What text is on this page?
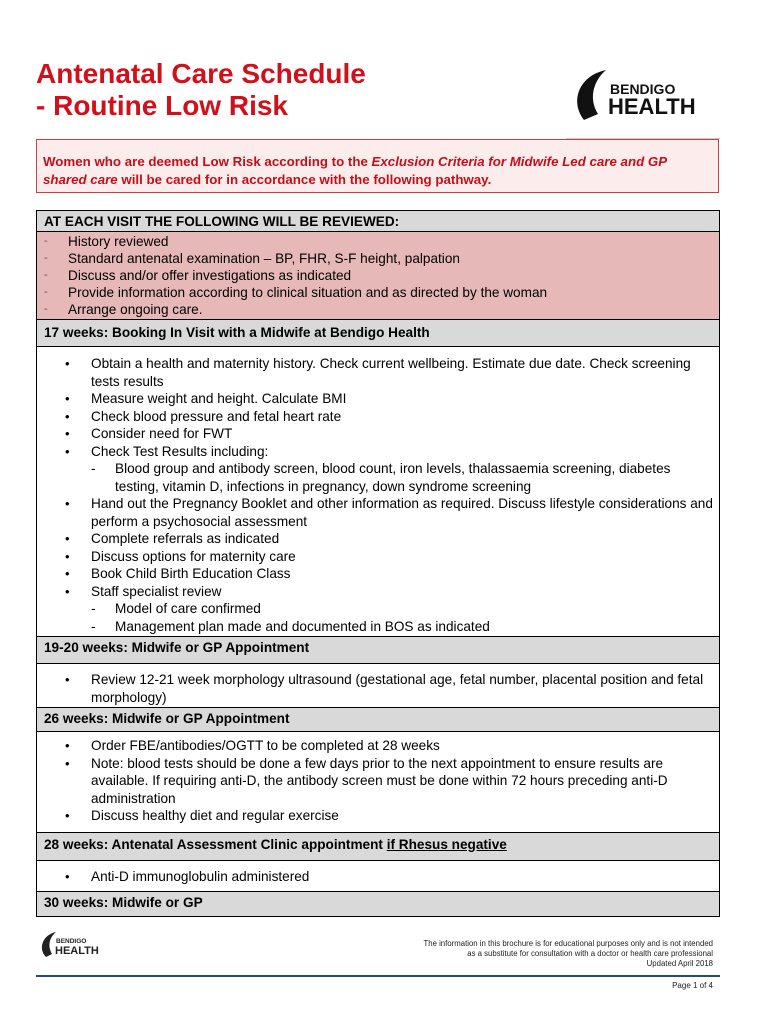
Antenatal Care Schedule
- Routine Low Risk
BENDIGO
HEALTH
Women who are deemed Low Risk according to the Exclusion Criteria for Midwife Led care and GP shared care will be cared for in accordance with the following pathway.
AT EACH VISIT THE FOLLOWING WILL BE REVIEWED:

- History reviewed
- Standard antenatal examination – BP, FHR, S-F height, palpation
- Discuss and/or offer investigations as indicated
- Provide information according to clinical situation and as directed by the woman
- Arrange ongoing care.

17 weeks: Booking In Visit with a Midwife at Bendigo Health

• Obtain a health and maternity history. Check current wellbeing. Estimate due date. Check screening tests results
• Measure weight and height. Calculate BMI
• Check blood pressure and fetal heart rate
• Consider need for FWT
• Check Test Results including:
- Blood group and antibody screen, blood count, iron levels, thalassaemia screening, diabetes testing, vitamin D, infections in pregnancy, down syndrome screening
• Hand out the Pregnancy Booklet and other information as required. Discuss lifestyle considerations and perform a psychosocial assessment
• Complete referrals as indicated
• Discuss options for maternity care
• Book Child Birth Education Class
• Staff specialist review
- Model of care confirmed
- Management plan made and documented in BOS as indicated

19-20 weeks: Midwife or GP Appointment

• Review 12-21 week morphology ultrasound (gestational age, fetal number, placental position and fetal morphology)

26 weeks: Midwife or GP Appointment

• Order FBE/antibodies/OGTT to be completed at 28 weeks
• Note: blood tests should be done a few days prior to the next appointment to ensure results are available. If requiring anti-D, the antibody screen must be done within 72 hours preceding anti-D administration
• Discuss healthy diet and regular exercise

28 weeks: Antenatal Assessment Clinic appointment if Rhesus negative

• Anti-D immunoglobulin administered

30 weeks: Midwife or GP
BENDIGO
HEALTH
The information in this brochure is for educational purposes only and is not intended
as a substitute for consultation with a doctor or health care professional
Updated April 2018
Page 1 of 4
